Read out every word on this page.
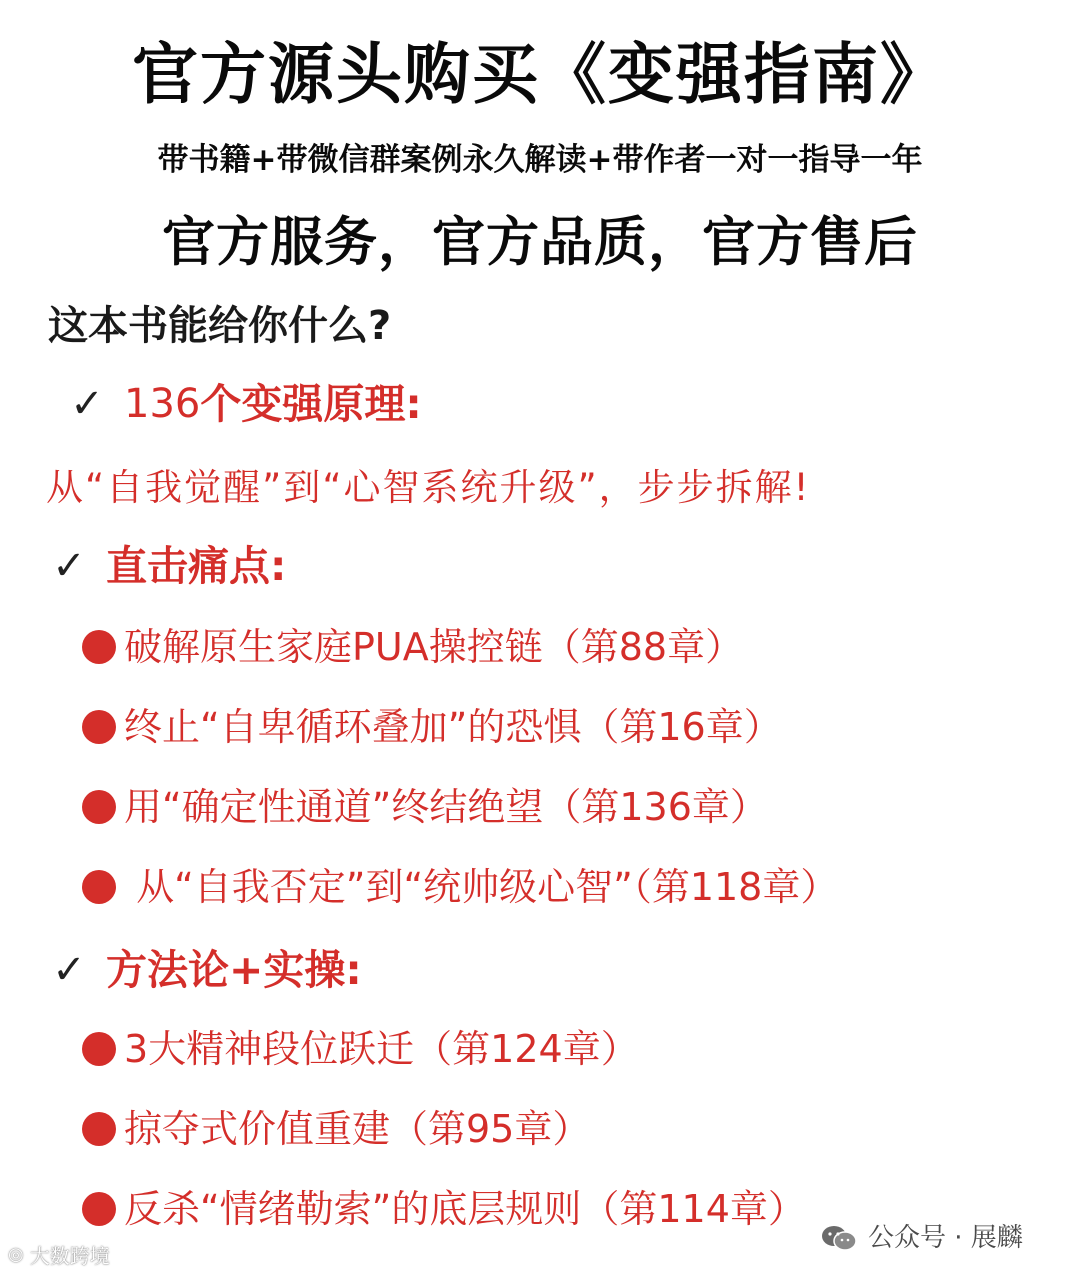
官方源头购买《变强指南》
带书籍+带微信群案例永久解读+带作者一对一指导一年
官方服务，官方品质，官方售后
这本书能给你什么?
✓ 136 个变强原理:
从“自我觉醒”到“心智系统升级”，步步拆解!
✓ 直击痛点:
破解原生家庭PUA操控链（第88章）
终止“自卑循环叠加”的恐惧（第16章）
用“确定性通道”终结绝望（第136章）
从“自我否定”到“统帅级心智”（第118章）
✓ 方法论+实操:
3大精神段位跃迁（第124章）
掠夺式价值重建（第95章）
反杀“情绪勒索”的底层规则（第114章）
◎ 大数跨境
公众号 · 展麟
